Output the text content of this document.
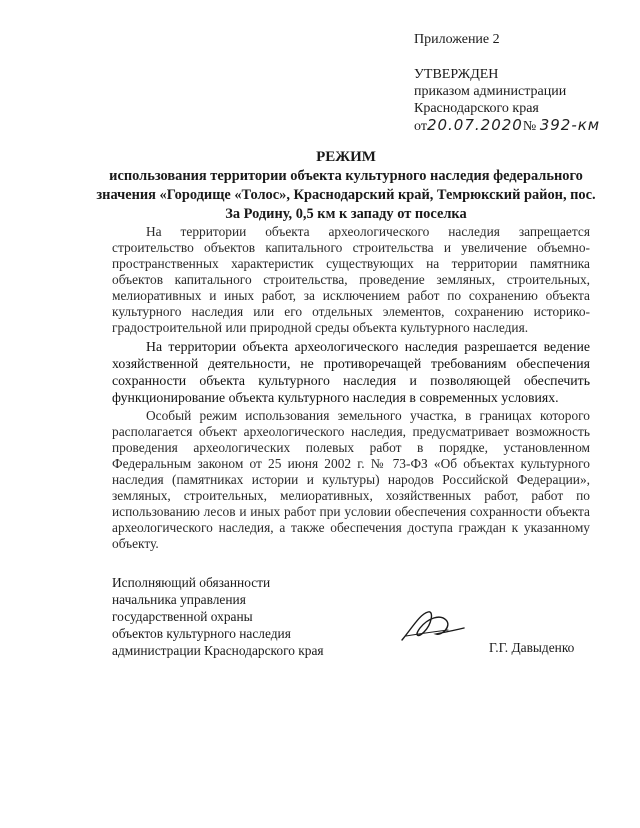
Приложение 2
УТВЕРЖДЕН
приказом администрации
Краснодарского края
от20.07.2020№ 392-км
РЕЖИМ
использования территории объекта культурного наследия федерального значения «Городище «Толос», Краснодарский край, Темрюкский район, пос. За Родину, 0,5 км к западу от поселка

На территории объекта археологического наследия запрещается строительство объектов капитального строительства и увеличение объемно-пространственных характеристик существующих на территории памятника объектов капитального строительства, проведение земляных, строительных, мелиоративных и иных работ, за исключением работ по сохранению объекта культурного наследия или его отдельных элементов, сохранению историко-градостроительной или природной среды объекта культурного наследия.

На территории объекта археологического наследия разрешается ведение хозяйственной деятельности, не противоречащей требованиям обеспечения сохранности объекта культурного наследия и позволяющей обеспечить функционирование объекта культурного наследия в современных условиях.

Особый режим использования земельного участка, в границах которого располагается объект археологического наследия, предусматривает возможность проведения археологических полевых работ в порядке, установленном Федеральным законом от 25 июня 2002 г. № 73-ФЗ «Об объектах культурного наследия (памятниках истории и культуры) народов Российской Федерации», земляных, строительных, мелиоративных, хозяйственных работ, работ по использованию лесов и иных работ при условии обеспечения сохранности объекта археологического наследия, а также обеспечения доступа граждан к указанному объекту.

Исполняющий обязанности
начальника управления
государственной охраны
объектов культурного наследия
администрации Краснодарского края	Г.Г. Давыденко
